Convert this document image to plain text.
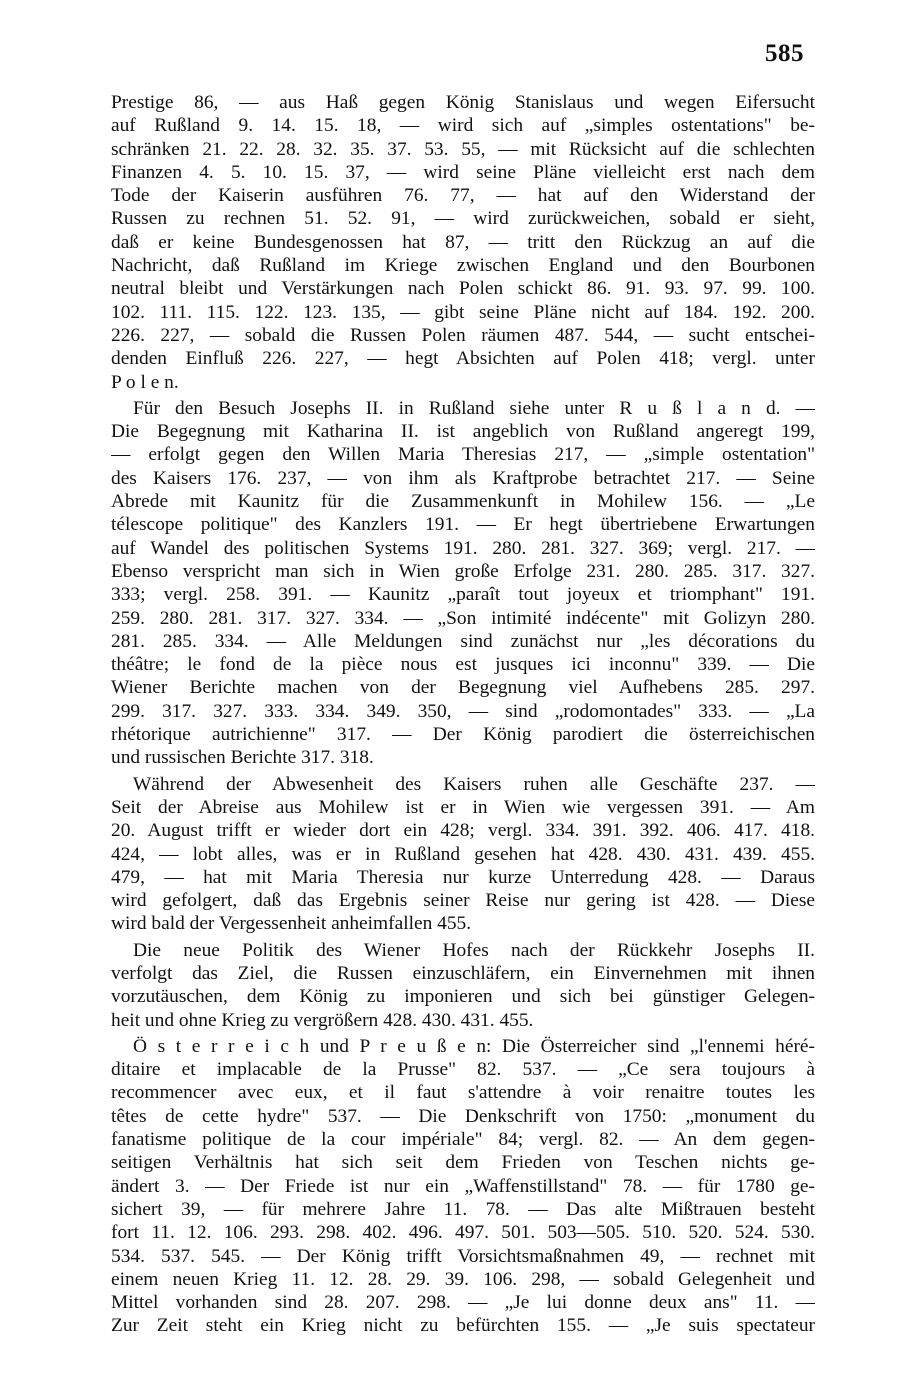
585
Prestige 86, — aus Haß gegen König Stanislaus und wegen Eifersucht
auf Rußland 9. 14. 15. 18, — wird sich auf „simples ostentations" be-
schränken 21. 22. 28. 32. 35. 37. 53. 55, — mit Rücksicht auf die schlechten
Finanzen 4. 5. 10. 15. 37, — wird seine Pläne vielleicht erst nach dem
Tode der Kaiserin ausführen 76. 77, — hat auf den Widerstand der
Russen zu rechnen 51. 52. 91, — wird zurückweichen, sobald er sieht,
daß er keine Bundesgenossen hat 87, — tritt den Rückzug an auf die
Nachricht, daß Rußland im Kriege zwischen England und den Bourbonen
neutral bleibt und Verstärkungen nach Polen schickt 86. 91. 93. 97. 99. 100.
102. 111. 115. 122. 123. 135, — gibt seine Pläne nicht auf 184. 192. 200.
226. 227, — sobald die Russen Polen räumen 487. 544, — sucht entschei-
denden Einfluß 226. 227, — hegt Absichten auf Polen 418; vergl. unter
P o l e n.
Für den Besuch Josephs II. in Rußland siehe unter R u ß l a n d. —
Die Begegnung mit Katharina II. ist angeblich von Rußland angeregt 199,
— erfolgt gegen den Willen Maria Theresias 217, — „simple ostentation"
des Kaisers 176. 237, — von ihm als Kraftprobe betrachtet 217. — Seine
Abrede mit Kaunitz für die Zusammenkunft in Mohilew 156. — „Le
télescope politique" des Kanzlers 191. — Er hegt übertriebene Erwartungen
auf Wandel des politischen Systems 191. 280. 281. 327. 369; vergl. 217. —
Ebenso verspricht man sich in Wien große Erfolge 231. 280. 285. 317. 327.
333; vergl. 258. 391. — Kaunitz „paraît tout joyeux et triomphant" 191.
259. 280. 281. 317. 327. 334. — „Son intimité indécente" mit Golizyn 280.
281. 285. 334. — Alle Meldungen sind zunächst nur „les décorations du
théâtre; le fond de la pièce nous est jusques ici inconnu" 339. — Die
Wiener Berichte machen von der Begegnung viel Aufhebens 285. 297.
299. 317. 327. 333. 334. 349. 350, — sind „rodomontades" 333. — „La
rhétorique autrichienne" 317. — Der König parodiert die österreichischen
und russischen Berichte 317. 318.
Während der Abwesenheit des Kaisers ruhen alle Geschäfte 237. —
Seit der Abreise aus Mohilew ist er in Wien wie vergessen 391. — Am
20. August trifft er wieder dort ein 428; vergl. 334. 391. 392. 406. 417. 418.
424, — lobt alles, was er in Rußland gesehen hat 428. 430. 431. 439. 455.
479, — hat mit Maria Theresia nur kurze Unterredung 428. — Daraus
wird gefolgert, daß das Ergebnis seiner Reise nur gering ist 428. — Diese
wird bald der Vergessenheit anheimfallen 455.
Die neue Politik des Wiener Hofes nach der Rückkehr Josephs II.
verfolgt das Ziel, die Russen einzuschläfern, ein Einvernehmen mit ihnen
vorzutäuschen, dem König zu imponieren und sich bei günstiger Gelegen-
heit und ohne Krieg zu vergrößern 428. 430. 431. 455.
Ö s t e r r e i c h und P r e u ß e n: Die Österreicher sind „l'ennemi héré-
ditaire et implacable de la Prusse" 82. 537. — „Ce sera toujours à
recommencer avec eux, et il faut s'attendre à voir renaitre toutes les
têtes de cette hydre" 537. — Die Denkschrift von 1750: „monument du
fanatisme politique de la cour impériale" 84; vergl. 82. — An dem gegen-
seitigen Verhältnis hat sich seit dem Frieden von Teschen nichts ge-
ändert 3. — Der Friede ist nur ein „Waffenstillstand" 78. — für 1780 ge-
sichert 39, — für mehrere Jahre 11. 78. — Das alte Mißtrauen besteht
fort 11. 12. 106. 293. 298. 402. 496. 497. 501. 503—505. 510. 520. 524. 530.
534. 537. 545. — Der König trifft Vorsichtsmaßnahmen 49, — rechnet mit
einem neuen Krieg 11. 12. 28. 29. 39. 106. 298, — sobald Gelegenheit und
Mittel vorhanden sind 28. 207. 298. — „Je lui donne deux ans" 11. —
Zur Zeit steht ein Krieg nicht zu befürchten 155. — „Je suis spectateur
